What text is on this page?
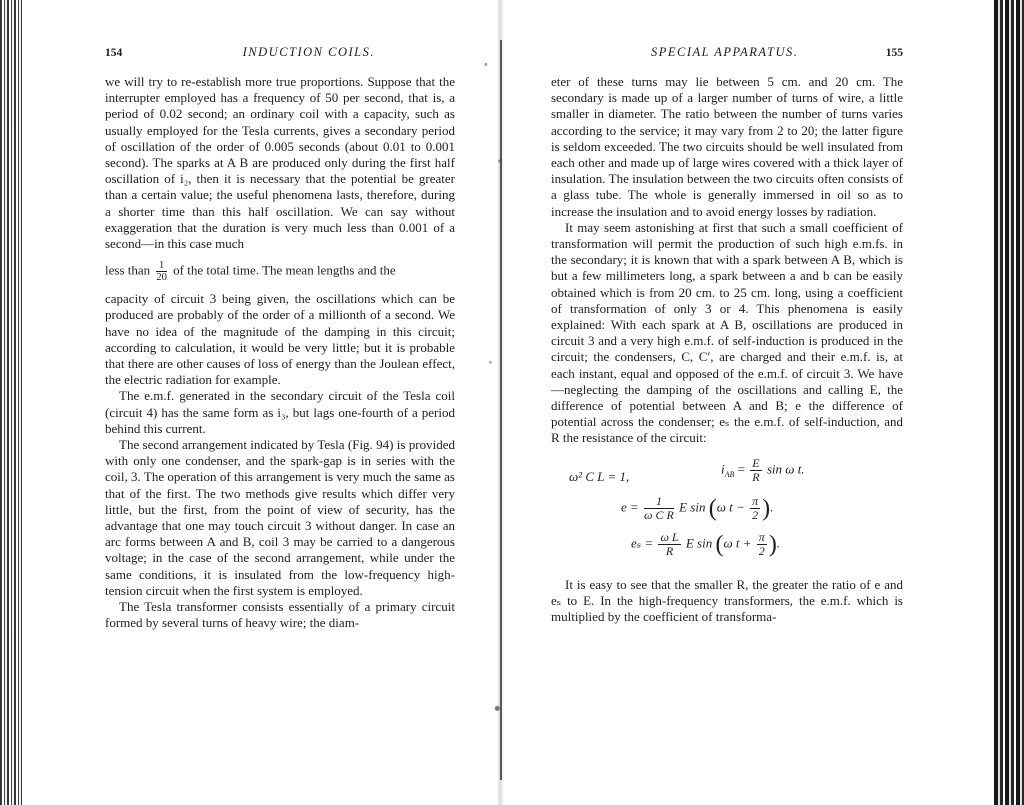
154	INDUCTION COILS.

we will try to re-establish more true proportions. Suppose that the interrupter employed has a frequency of 50 per second, that is, a period of 0.02 second; an ordinary coil with a capacity, such as usually employed for the Tesla currents, gives a secondary period of oscillation of the order of 0.005 seconds (about 0.01 to 0.001 second). The sparks at A B are produced only during the first half oscillation of i₂, then it is necessary that the potential be greater than a certain value; the useful phenomena lasts, therefore, during a shorter time than this half oscillation. We can say without exaggeration that the duration is very much less than 0.001 of a second—in this case much

less than $\frac{1}{20}$ of the total time. The mean lengths and the

capacity of circuit 3 being given, the oscillations which can be produced are probably of the order of a millionth of a second. We have no idea of the magnitude of the damping in this circuit; according to calculation, it would be very little; but it is probable that there are other causes of loss of energy than the Joulean effect, the electric radiation for example.

The e.m.f. generated in the secondary circuit of the Tesla coil (circuit 4) has the same form as i₃, but lags one-fourth of a period behind this current.

The second arrangement indicated by Tesla (Fig. 94) is provided with only one condenser, and the spark-gap is in series with the coil, 3. The operation of this arrangement is very much the same as that of the first. The two methods give results which differ very little, but the first, from the point of view of security, has the advantage that one may touch circuit 3 without danger. In case an arc forms between A and B, coil 3 may be carried to a dangerous voltage; in the case of the second arrangement, while under the same conditions, it is insulated from the low-frequency high-tension circuit when the first system is employed.

The Tesla transformer consists essentially of a primary circuit formed by several turns of heavy wire; the diam-

SPECIAL APPARATUS.	155

eter of these turns may lie between 5 cm. and 20 cm. The secondary is made up of a larger number of turns of wire, a little smaller in diameter. The ratio between the number of turns varies according to the service; it may vary from 2 to 20; the latter figure is seldom exceeded. The two circuits should be well insulated from each other and made up of large wires covered with a thick layer of insulation. The insulation between the two circuits often consists of a glass tube. The whole is generally immersed in oil so as to increase the insulation and to avoid energy losses by radiation.

It may seem astonishing at first that such a small coefficient of transformation will permit the production of such high e.m.fs. in the secondary; it is known that with a spark between A B, which is but a few millimeters long, a spark between a and b can be easily obtained which is from 20 cm. to 25 cm. long, using a coefficient of transformation of only 3 or 4. This phenomena is easily explained: With each spark at A B, oscillations are produced in circuit 3 and a very high e.m.f. of self-induction is produced in the circuit; the condensers, C, C′, are charged and their e.m.f. is, at each instant, equal and opposed of the e.m.f. of circuit 3. We have—neglecting the damping of the oscillations and calling E, the difference of potential between A and B; e the difference of potential across the condenser; eₛ the e.m.f. of self-induction, and R the resistance of the circuit:

ω² C L = 1,
$i_{AB} = \frac{E}{R}$ sin ω t.
$e = \frac{1}{\text{ω C R}}$ E sin (ω $t - \frac{\pi}{2}$ ).
$e_s = \frac{\text{ω L}}{R}$ E sin (ω $t + \frac{\pi}{2}$ ).

It is easy to see that the smaller R, the greater the ratio of e and eₛ to E. In the high-frequency transformers, the e.m.f. which is multiplied by the coefficient of transforma-
